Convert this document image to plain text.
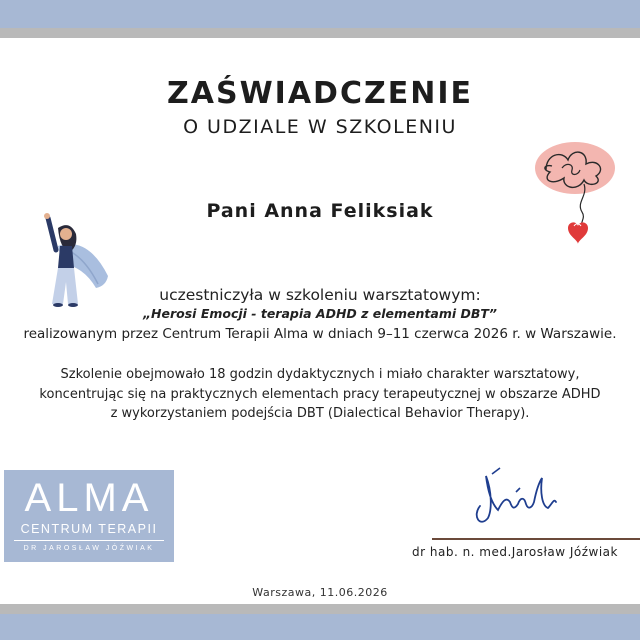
ZAŚWIADCZENIE
O UDZIALE W SZKOLENIU
Pani Anna Feliksiak
uczestniczyła w szkoleniu warsztatowym:
„Herosi Emocji - terapia ADHD z elementami DBT”
realizowanym przez Centrum Terapii Alma w dniach 9–11 czerwca 2026 r. w Warszawie.
Szkolenie obejmowało 18 godzin dydaktycznych i miało charakter warsztatowy,
koncentrując się na praktycznych elementach pracy terapeutycznej w obszarze ADHD
z wykorzystaniem podejścia DBT (Dialectical Behavior Therapy).
ALMA
CENTRUM TERAPII
DR JAROSŁAW JÓŹWIAK	dr hab. n. med.Jarosław Jóźwiak
Warszawa, 11.06.2026
